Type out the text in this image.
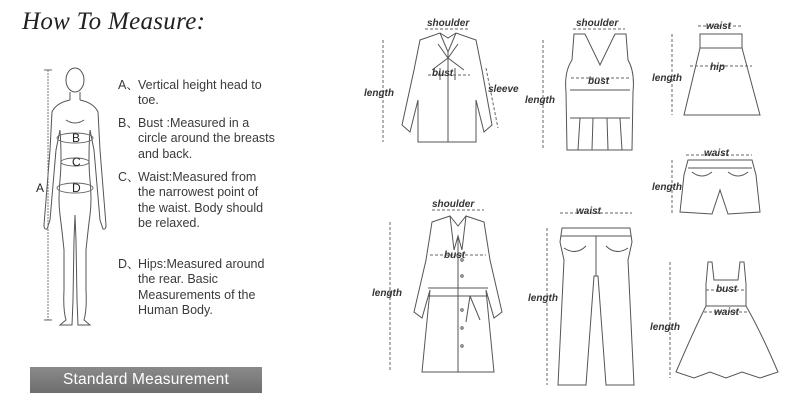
How To Measure:
A、Vertical height head to toe.
B、Bust :Measured in a circle around the breasts and back.
C、Waist:Measured from the narrowest point of the waist. Body should be relaxed.
D、Hips:Measured around the rear. Basic Measurements of the Human Body.
Standard Measurement
B
C
D
A
shoulder
bust
length	sleeve
shoulder
bust
length
waist
hip
length
waist
length
shoulder
bust
length
waist
length
bust
waist
length
